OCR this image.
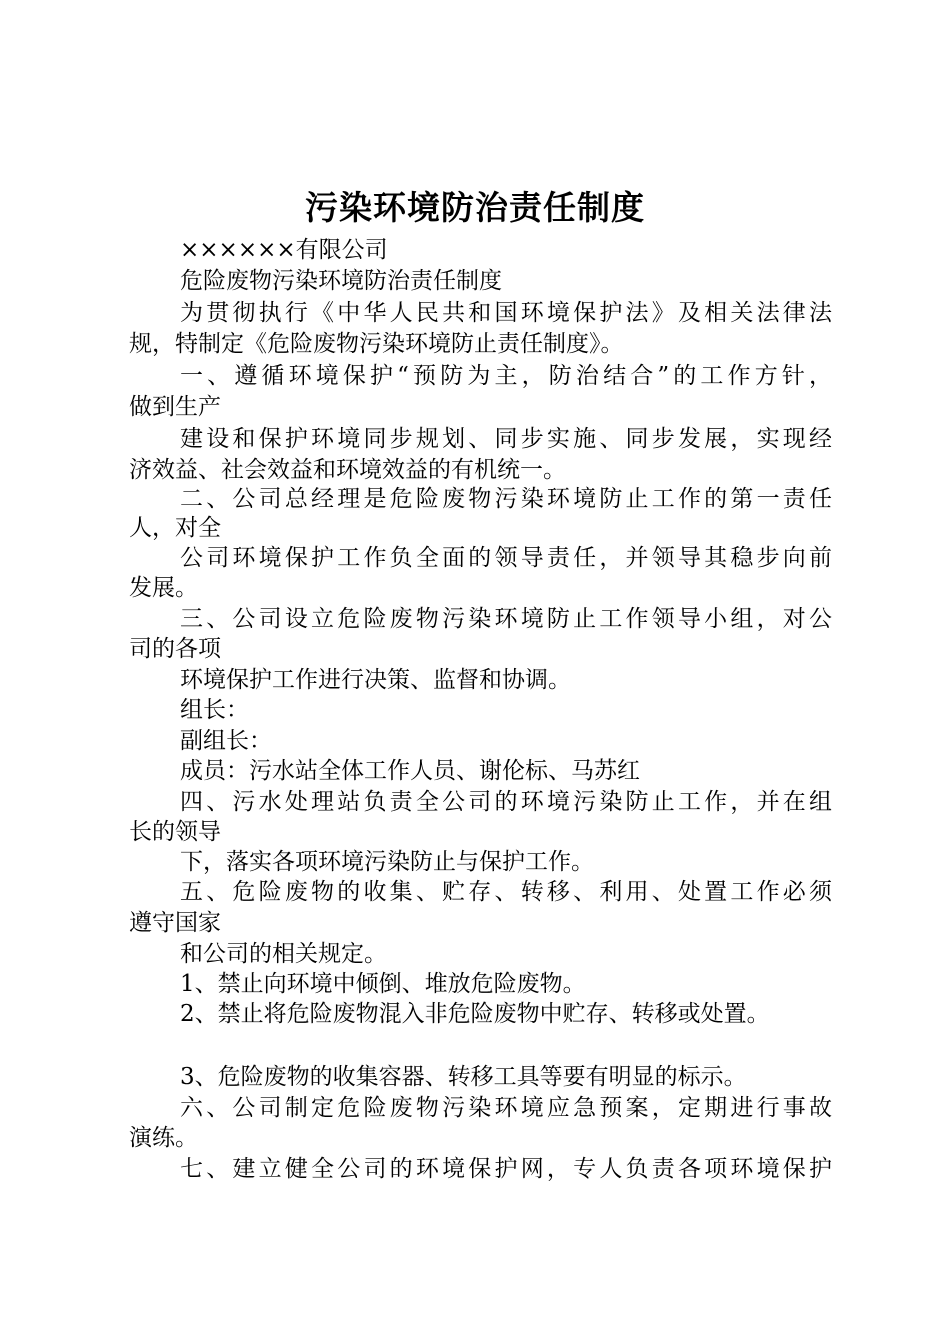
污染环境防治责任制度

××××××有限公司

危险废物污染环境防治责任制度

为贯彻执行《中华人民共和国环境保护法》及相关法律法

规，特制定《危险废物污染环境防止责任制度》。

一、遵循环境保护“预防为主，防治结合”的工作方针，

做到生产

建设和保护环境同步规划、同步实施、同步发展，实现经

济效益、社会效益和环境效益的有机统一。

二、公司总经理是危险废物污染环境防止工作的第一责任

人，对全

公司环境保护工作负全面的领导责任，并领导其稳步向前

发展。

三、公司设立危险废物污染环境防止工作领导小组，对公

司的各项

环境保护工作进行决策、监督和协调。

组长：

副组长：

成员：污水站全体工作人员、谢伦标、马苏红

四、污水处理站负责全公司的环境污染防止工作，并在组

长的领导

下，落实各项环境污染防止与保护工作。

五、危险废物的收集、贮存、转移、利用、处置工作必须

遵守国家

和公司的相关规定。

1、禁止向环境中倾倒、堆放危险废物。

2、禁止将危险废物混入非危险废物中贮存、转移或处置。

3、危险废物的收集容器、转移工具等要有明显的标示。

六、公司制定危险废物污染环境应急预案，定期进行事故

演练。

七、建立健全公司的环境保护网，专人负责各项环境保护
